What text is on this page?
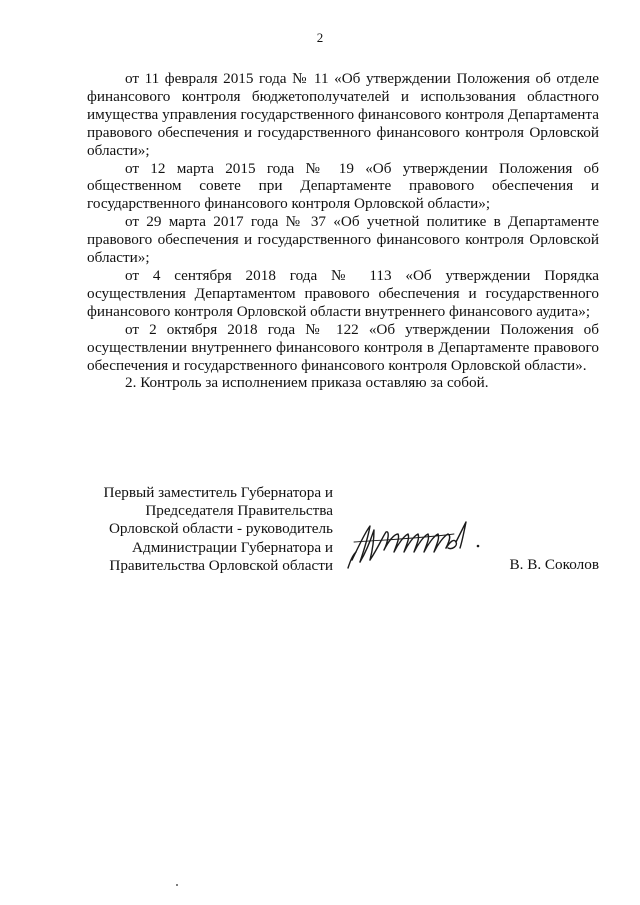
2

от 11 февраля 2015 года № 11 «Об утверждении Положения об отделе финансового контроля бюджетополучателей и использования областного имущества управления государственного финансового контроля Департамента правового обеспечения и государственного финансового контроля Орловской области»;

от 12 марта 2015 года № 19 «Об утверждении Положения об общественном совете при Департаменте правового обеспечения и государственного финансового контроля Орловской области»;

от 29 марта 2017 года № 37 «Об учетной политике в Департаменте правового обеспечения и государственного финансового контроля Орловской области»;

от 4 сентября 2018 года № 113 «Об утверждении Порядка осуществления Департаментом правового обеспечения и государственного финансового контроля Орловской области внутреннего финансового аудита»;

от 2 октября 2018 года № 122 «Об утверждении Положения об осуществлении внутреннего финансового контроля в Департаменте правового обеспечения и государственного финансового контроля Орловской области».

2. Контроль за исполнением приказа оставляю за собой.

Первый заместитель Губернатора и
Председателя Правительства
Орловской области - руководитель
Администрации Губернатора и
Правительства Орловской области	В. В. Соколов
